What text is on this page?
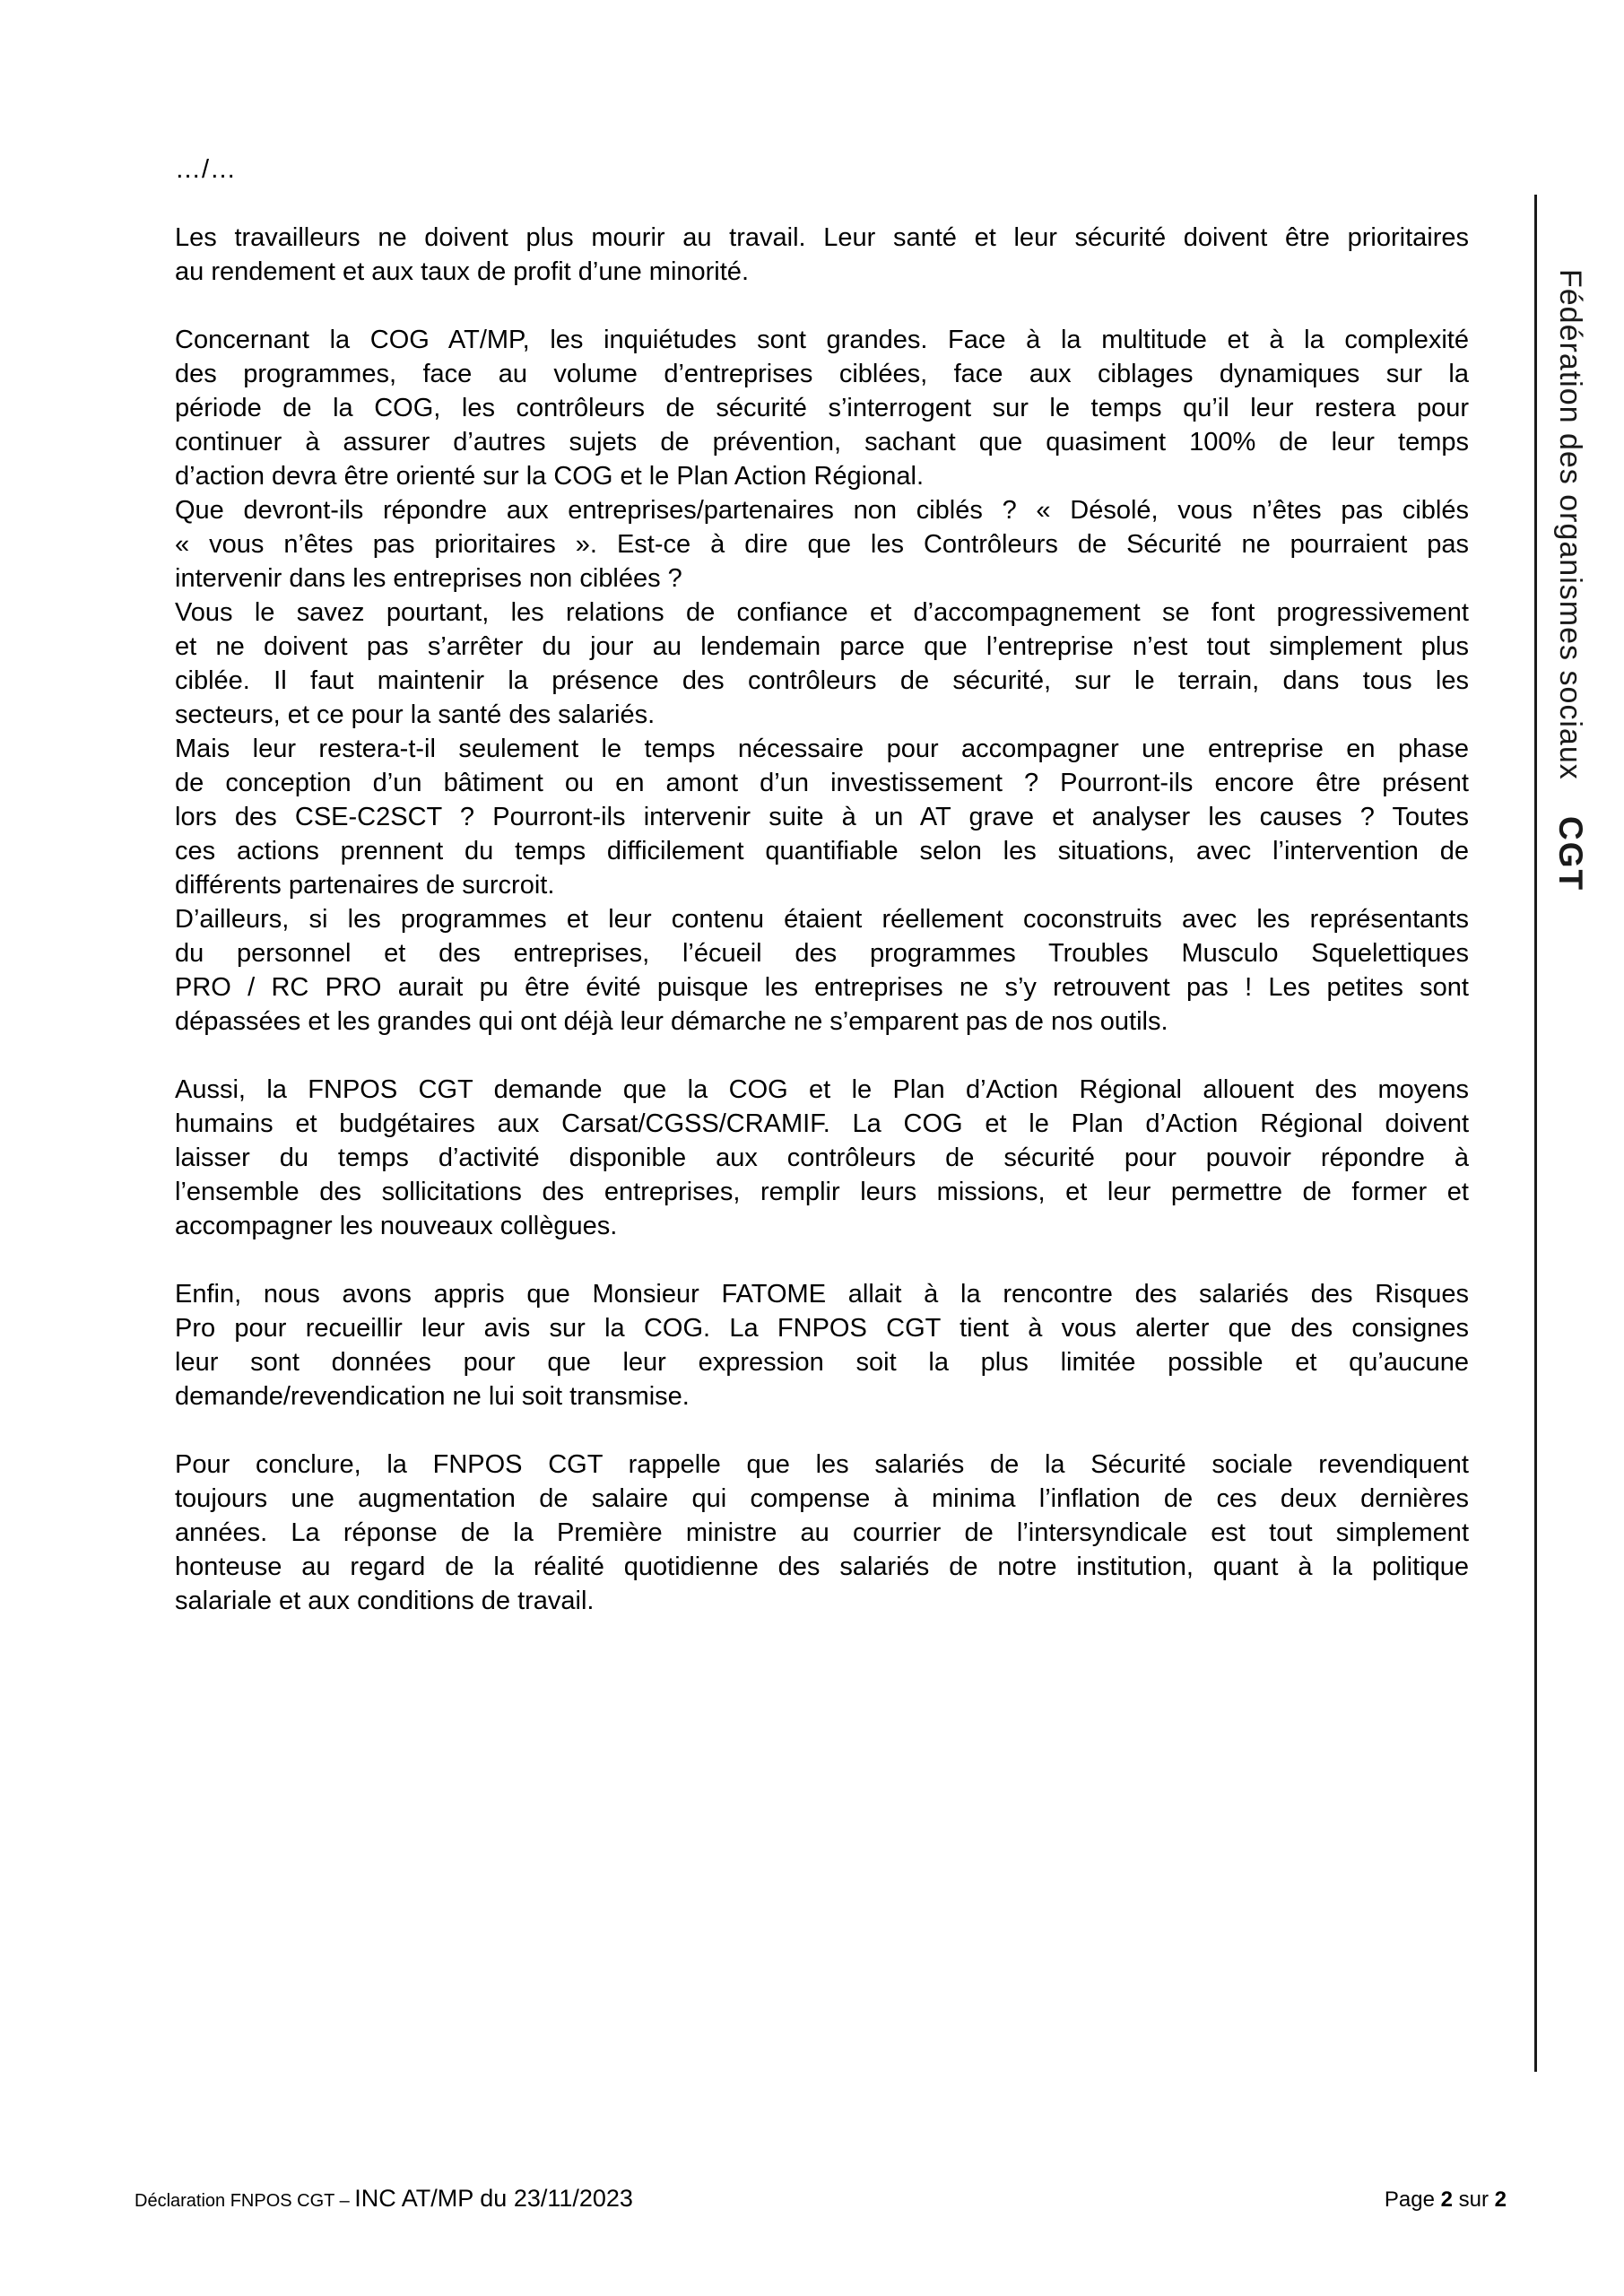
…/…
Les travailleurs ne doivent plus mourir au travail. Leur santé et leur sécurité doivent être prioritaires
au rendement et aux taux de profit d’une minorité.
Concernant la COG AT/MP, les inquiétudes sont grandes. Face à la multitude et à la complexité
des programmes, face au volume d’entreprises ciblées, face aux ciblages dynamiques sur la
période de la COG, les contrôleurs de sécurité s’interrogent sur le temps qu’il leur restera pour
continuer à assurer d’autres sujets de prévention, sachant que quasiment 100% de leur temps
d’action devra être orienté sur la COG et le Plan Action Régional.
Que devront-ils répondre aux entreprises/partenaires non ciblés ? « Désolé, vous n’êtes pas ciblés
« vous n’êtes pas prioritaires ». Est-ce à dire que les Contrôleurs de Sécurité ne pourraient pas
intervenir dans les entreprises non ciblées ?
Vous le savez pourtant, les relations de confiance et d’accompagnement se font progressivement
et ne doivent pas s’arrêter du jour au lendemain parce que l’entreprise n’est tout simplement plus
ciblée. Il faut maintenir la présence des contrôleurs de sécurité, sur le terrain, dans tous les
secteurs, et ce pour la santé des salariés.
Mais leur restera-t-il seulement le temps nécessaire pour accompagner une entreprise en phase
de conception d’un bâtiment ou en amont d’un investissement ? Pourront-ils encore être présent
lors des CSE-C2SCT ? Pourront-ils intervenir suite à un AT grave et analyser les causes ? Toutes
ces actions prennent du temps difficilement quantifiable selon les situations, avec l’intervention de
différents partenaires de surcroit.
D’ailleurs, si les programmes et leur contenu étaient réellement coconstruits avec les représentants
du personnel et des entreprises, l’écueil des programmes Troubles Musculo Squelettiques
PRO / RC PRO aurait pu être évité puisque les entreprises ne s’y retrouvent pas ! Les petites sont
dépassées et les grandes qui ont déjà leur démarche ne s’emparent pas de nos outils.
Aussi, la FNPOS CGT demande que la COG et le Plan d’Action Régional allouent des moyens
humains et budgétaires aux Carsat/CGSS/CRAMIF. La COG et le Plan d’Action Régional doivent
laisser du temps d’activité disponible aux contrôleurs de sécurité pour pouvoir répondre à
l’ensemble des sollicitations des entreprises, remplir leurs missions, et leur permettre de former et
accompagner les nouveaux collègues.
Enfin, nous avons appris que Monsieur FATOME allait à la rencontre des salariés des Risques
Pro pour recueillir leur avis sur la COG. La FNPOS CGT tient à vous alerter que des consignes
leur sont données pour que leur expression soit la plus limitée possible et qu’aucune
demande/revendication ne lui soit transmise.
Pour conclure, la FNPOS CGT rappelle que les salariés de la Sécurité sociale revendiquent
toujours une augmentation de salaire qui compense à minima l’inflation de ces deux dernières
années. La réponse de la Première ministre au courrier de l’intersyndicale est tout simplement
honteuse au regard de la réalité quotidienne des salariés de notre institution, quant à la politique
salariale et aux conditions de travail.
Fédération des organismes sociauxCGT
Déclaration FNPOS CGT – INC AT/MP du 23/11/2023	Page 2 sur 2
